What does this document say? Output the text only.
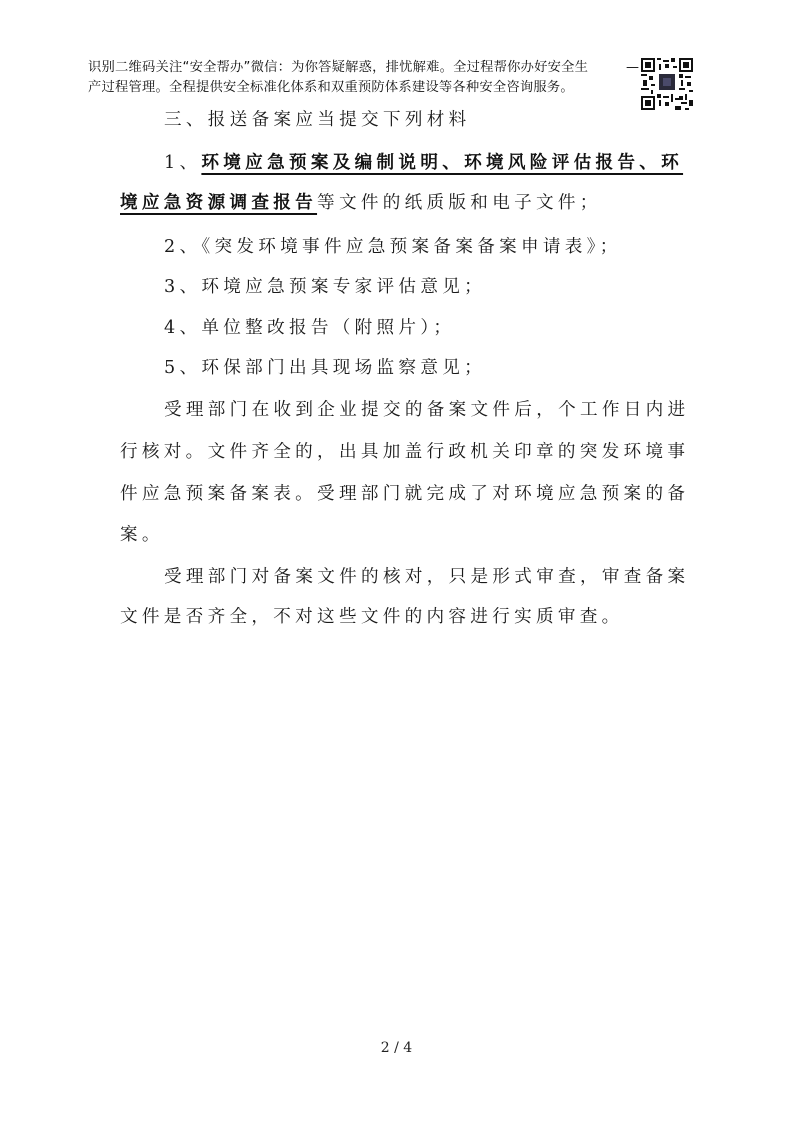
识别二维码关注“安全帮办”微信：为你答疑解惑，排忧解难。全过程帮你办好安全生
产过程管理。全程提供安全标准化体系和双重预防体系建设等各种安全咨询服务。
—
三、报送备案应当提交下列材料
1、环境应急预案及编制说明、环境风险评估报告、环
境应急资源调查报告等文件的纸质版和电子文件；
2、《突发环境事件应急预案备案备案申请表》；
3、环境应急预案专家评估意见；
4、单位整改报告（附照片）；
5、环保部门出具现场监察意见；
受理部门在收到企业提交的备案文件后，个工作日内进
行核对。文件齐全的，出具加盖行政机关印章的突发环境事
件应急预案备案表。受理部门就完成了对环境应急预案的备
案。
受理部门对备案文件的核对，只是形式审查，审查备案
文件是否齐全，不对这些文件的内容进行实质审查。
2 / 4
